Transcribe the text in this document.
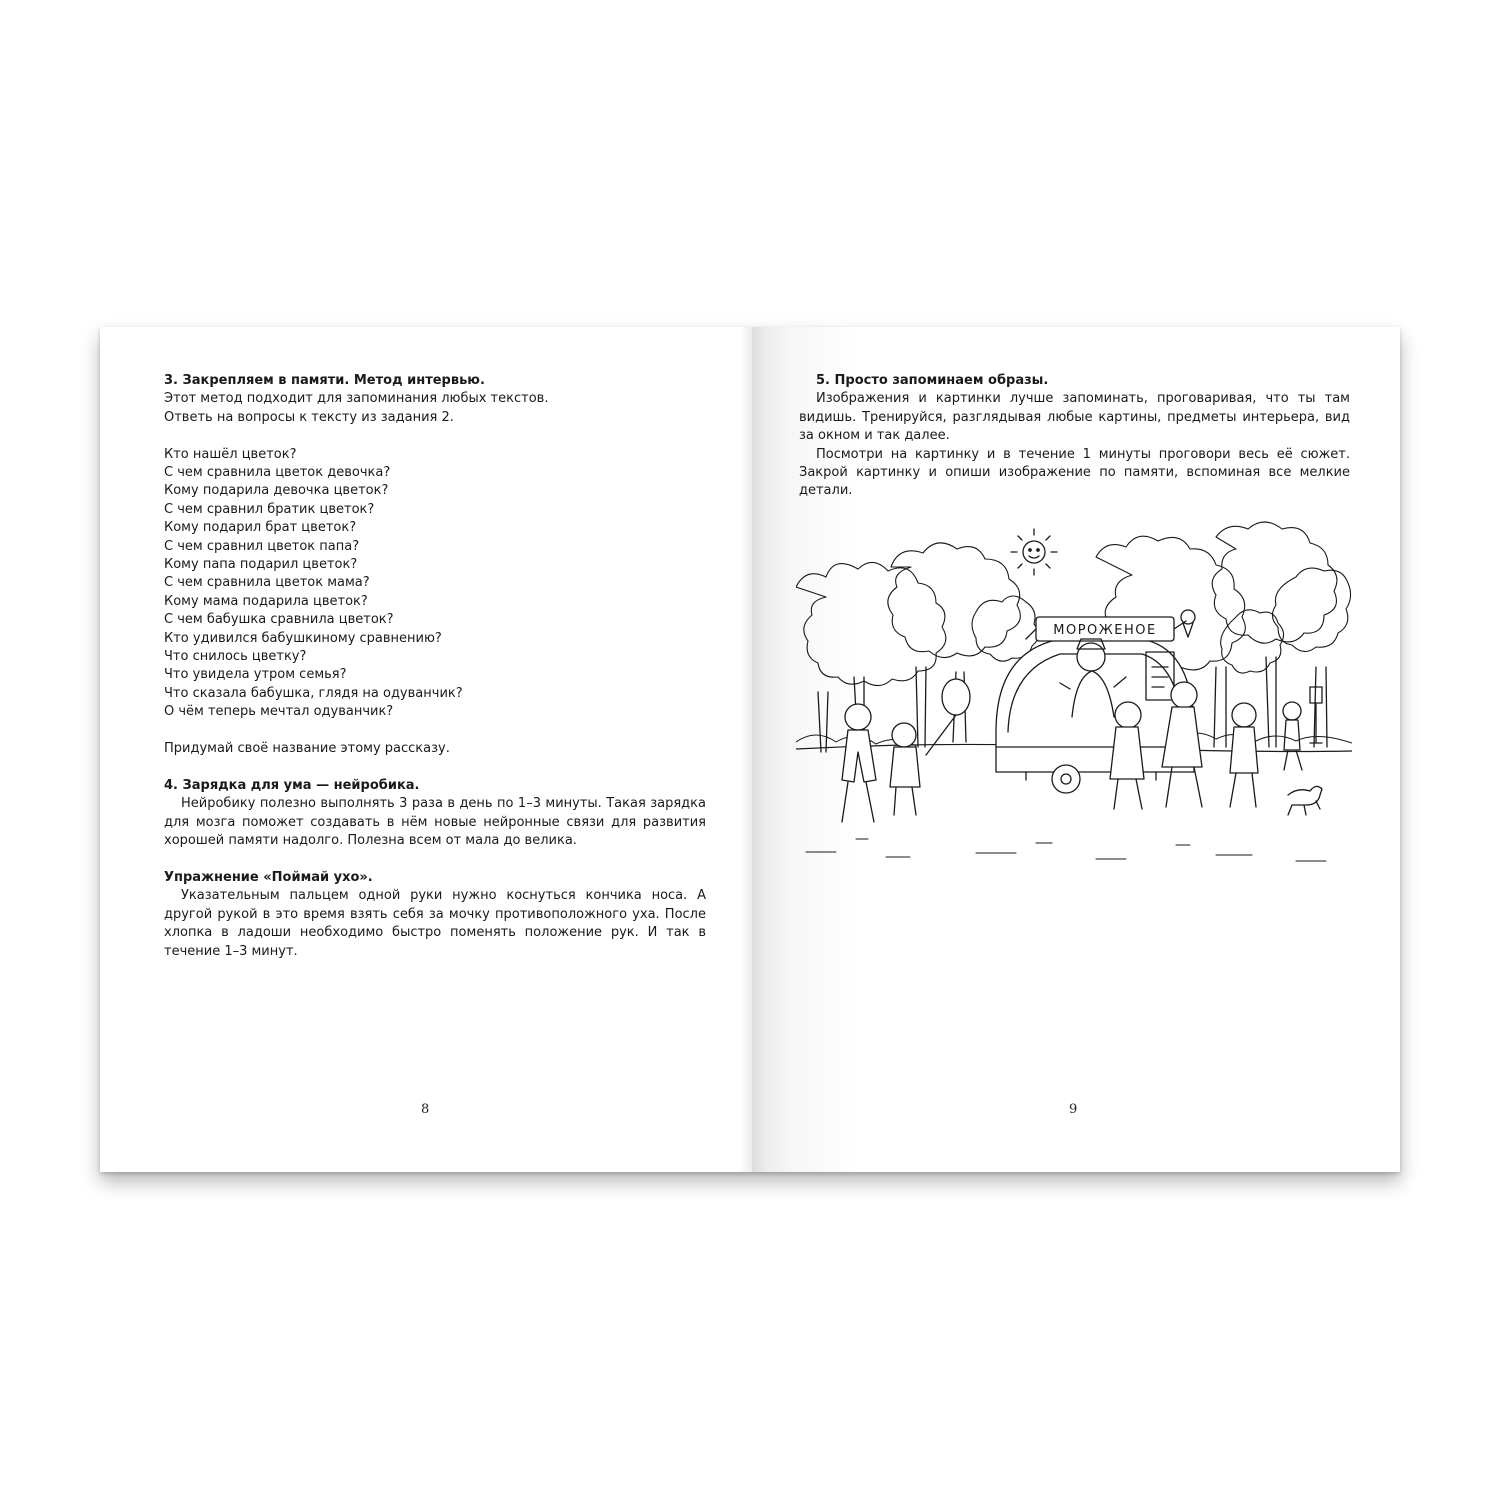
3. Закрепляем в памяти. Метод интервью.

Этот метод подходит для запоминания любых текстов.

Ответь на вопросы к тексту из задания 2.

Кто нашёл цветок?

С чем сравнила цветок девочка?

Кому подарила девочка цветок?

С чем сравнил братик цветок?

Кому подарил брат цветок?

С чем сравнил цветок папа?

Кому папа подарил цветок?

С чем сравнила цветок мама?

Кому мама подарила цветок?

С чем бабушка сравнила цветок?

Кто удивился бабушкиному сравнению?

Что снилось цветку?

Что увидела утром семья?

Что сказала бабушка, глядя на одуванчик?

О чём теперь мечтал одуванчик?

Придумай своё название этому рассказу.

4. Зарядка для ума — нейробика.

Нейробику полезно выполнять 3 раза в день по 1–3 минуты. Такая зарядка для мозга поможет создавать в нём новые нейронные связи для развития хорошей памяти надолго. Полезна всем от мала до велика.

Упражнение «Поймай ухо».

Указательным пальцем одной руки нужно коснуться кончика носа. А другой рукой в это время взять себя за мочку противоположного уха. После хлопка в ладоши необходимо быстро поменять положение рук. И так в течение 1–3 минут.

8

5. Просто запоминаем образы.

Изображения и картинки лучше запоминать, проговаривая, что ты там видишь. Тренируйся, разглядывая любые картины, предметы интерьера, вид за окном и так далее.

Посмотри на картинку и в течение 1 минуты проговори весь её сюжет. Закрой картинку и опиши изображение по памяти, вспоминая все мелкие детали.

МОРОЖЕНОЕ
9
